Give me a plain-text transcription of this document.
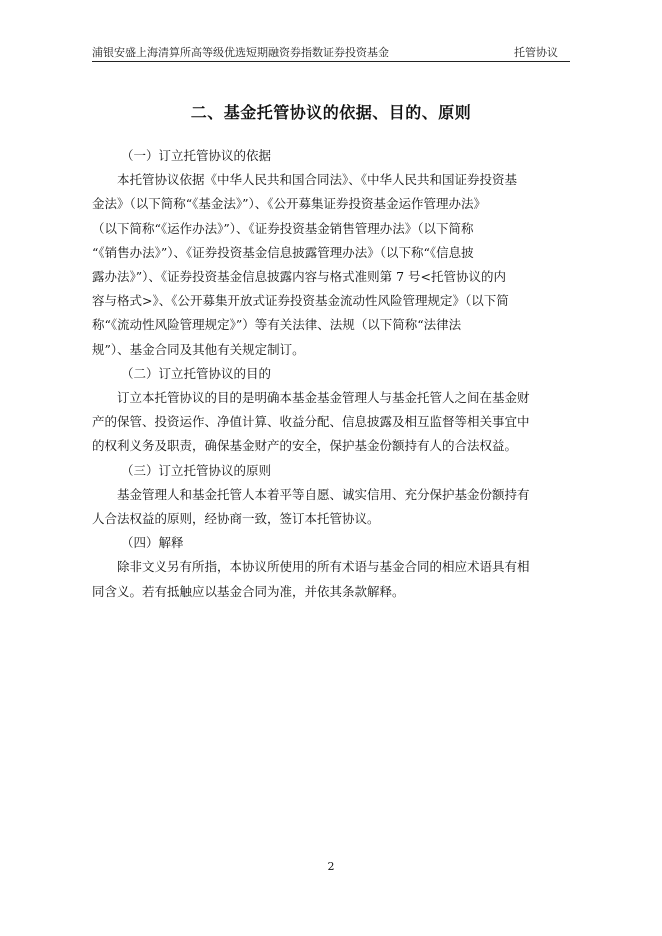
浦银安盛上海清算所高等级优选短期融资券指数证券投资基金	托管协议
二、基金托管协议的依据、目的、原则

（一）订立托管协议的依据

本托管协议依据《中华人民共和国合同法》、《中华人民共和国证券投资基

金法》（以下简称“《基金法》”）、《公开募集证券投资基金运作管理办法》

（以下简称“《运作办法》”）、《证券投资基金销售管理办法》（以下简称

“《销售办法》”）、《证券投资基金信息披露管理办法》（以下称“《信息披

露办法》”）、《证券投资基金信息披露内容与格式准则第 7 号<托管协议的内

容与格式>》、《公开募集开放式证券投资基金流动性风险管理规定》（以下简

称“《流动性风险管理规定》”）等有关法律、法规（以下简称“法律法

规”）、基金合同及其他有关规定制订。

（二）订立托管协议的目的

订立本托管协议的目的是明确本基金基金管理人与基金托管人之间在基金财

产的保管、投资运作、净值计算、收益分配、信息披露及相互监督等相关事宜中

的权利义务及职责，确保基金财产的安全，保护基金份额持有人的合法权益。

（三）订立托管协议的原则

基金管理人和基金托管人本着平等自愿、诚实信用、充分保护基金份额持有

人合法权益的原则，经协商一致，签订本托管协议。

（四）解释

除非文义另有所指，本协议所使用的所有术语与基金合同的相应术语具有相

同含义。若有抵触应以基金合同为准，并依其条款解释。

2
